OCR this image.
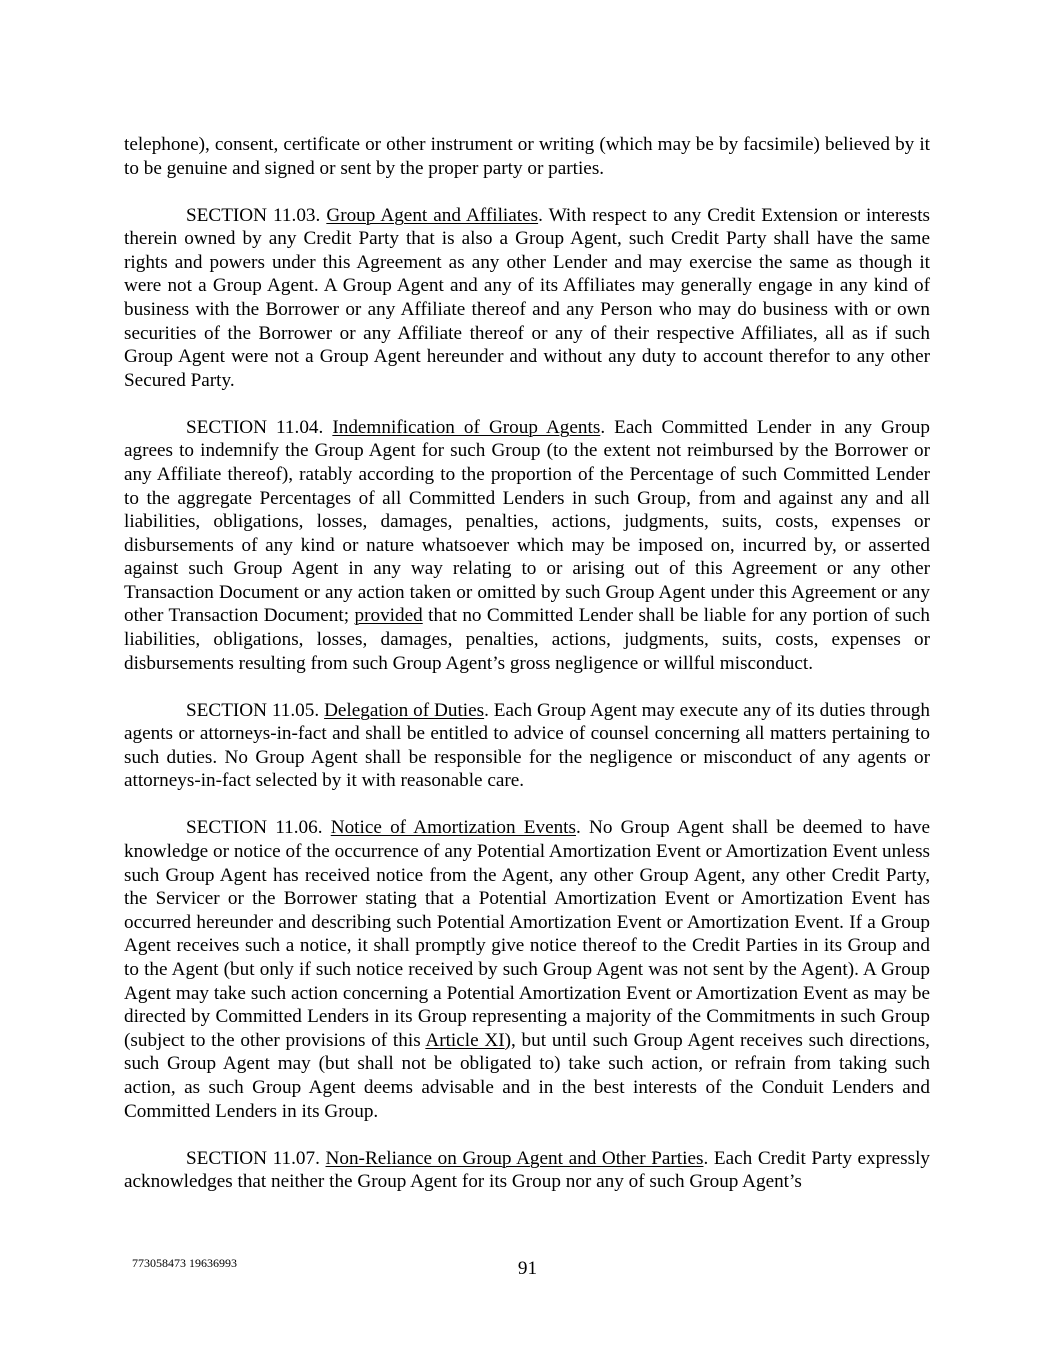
telephone), consent, certificate or other instrument or writing (which may be by facsimile) believed by it to be genuine and signed or sent by the proper party or parties.

SECTION 11.03. Group Agent and Affiliates. With respect to any Credit Extension or interests therein owned by any Credit Party that is also a Group Agent, such Credit Party shall have the same rights and powers under this Agreement as any other Lender and may exercise the same as though it were not a Group Agent. A Group Agent and any of its Affiliates may generally engage in any kind of business with the Borrower or any Affiliate thereof and any Person who may do business with or own securities of the Borrower or any Affiliate thereof or any of their respective Affiliates, all as if such Group Agent were not a Group Agent hereunder and without any duty to account therefor to any other Secured Party.

SECTION 11.04. Indemnification of Group Agents. Each Committed Lender in any Group agrees to indemnify the Group Agent for such Group (to the extent not reimbursed by the Borrower or any Affiliate thereof), ratably according to the proportion of the Percentage of such Committed Lender to the aggregate Percentages of all Committed Lenders in such Group, from and against any and all liabilities, obligations, losses, damages, penalties, actions, judgments, suits, costs, expenses or disbursements of any kind or nature whatsoever which may be imposed on, incurred by, or asserted against such Group Agent in any way relating to or arising out of this Agreement or any other Transaction Document or any action taken or omitted by such Group Agent under this Agreement or any other Transaction Document; provided that no Committed Lender shall be liable for any portion of such liabilities, obligations, losses, damages, penalties, actions, judgments, suits, costs, expenses or disbursements resulting from such Group Agent’s gross negligence or willful misconduct.

SECTION 11.05. Delegation of Duties. Each Group Agent may execute any of its duties through agents or attorneys-in-fact and shall be entitled to advice of counsel concerning all matters pertaining to such duties. No Group Agent shall be responsible for the negligence or misconduct of any agents or attorneys-in-fact selected by it with reasonable care.

SECTION 11.06. Notice of Amortization Events. No Group Agent shall be deemed to have knowledge or notice of the occurrence of any Potential Amortization Event or Amortization Event unless such Group Agent has received notice from the Agent, any other Group Agent, any other Credit Party, the Servicer or the Borrower stating that a Potential Amortization Event or Amortization Event has occurred hereunder and describing such Potential Amortization Event or Amortization Event. If a Group Agent receives such a notice, it shall promptly give notice thereof to the Credit Parties in its Group and to the Agent (but only if such notice received by such Group Agent was not sent by the Agent). A Group Agent may take such action concerning a Potential Amortization Event or Amortization Event as may be directed by Committed Lenders in its Group representing a majority of the Commitments in such Group (subject to the other provisions of this Article XI), but until such Group Agent receives such directions, such Group Agent may (but shall not be obligated to) take such action, or refrain from taking such action, as such Group Agent deems advisable and in the best interests of the Conduit Lenders and Committed Lenders in its Group.

SECTION 11.07. Non-Reliance on Group Agent and Other Parties. Each Credit Party expressly acknowledges that neither the Group Agent for its Group nor any of such Group Agent’s

773058473 19636993	91
